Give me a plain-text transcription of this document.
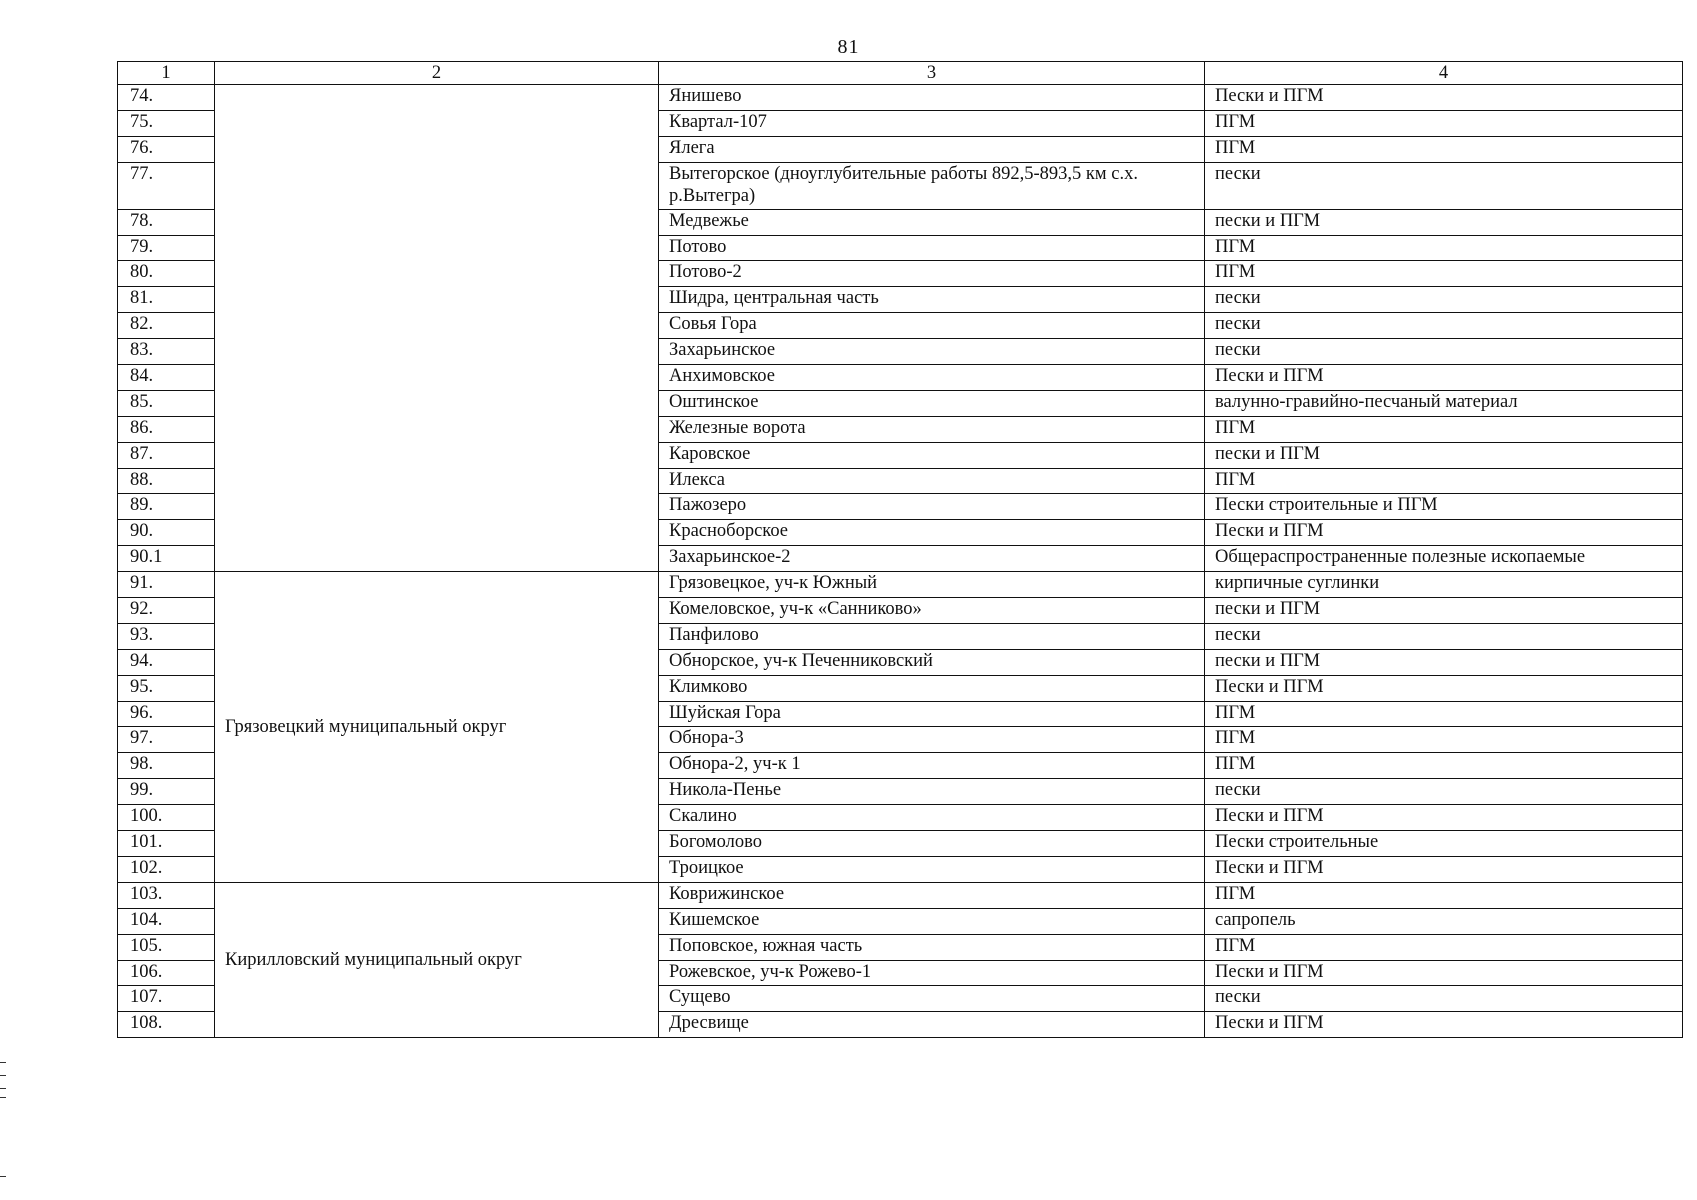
81
1	2	3	4
74.		Янишево	Пески и ПГМ
75.		Квартал-107	ПГМ
76.		Ялега	ПГМ
77.		Вытегорское (дноуглубительные работы 892,5-893,5 км с.х. р.Вытегра)	пески
78.		Медвежье	пески и ПГМ
79.		Потово	ПГМ
80.		Потово-2	ПГМ
81.		Шидра, центральная часть	пески
82.		Совья Гора	пески
83.		Захарьинское	пески
84.		Анхимовское	Пески и ПГМ
85.		Оштинское	валунно-гравийно-песчаный материал
86.		Железные ворота	ПГМ
87.		Каровское	пески и ПГМ
88.		Илекса	ПГМ
89.		Пажозеро	Пески строительные и ПГМ
90.		Красноборское	Пески и ПГМ
90.1		Захарьинское-2	Общераспространенные полезные ископаемые
91.	Грязовецкий муниципальный округ	Грязовецкое, уч-к Южный	кирпичные суглинки
92.		Комеловское, уч-к «Санниково»	пески и ПГМ
93.		Панфилово	пески
94.		Обнорское, уч-к Печенниковский	пески и ПГМ
95.		Климково	Пески и ПГМ
96.		Шуйская Гора	ПГМ
97.		Обнора-3	ПГМ
98.		Обнора-2, уч-к 1	ПГМ
99.		Никола-Пенье	пески
100.		Скалино	Пески и ПГМ
101.		Богомолово	Пески строительные
102.		Троицкое	Пески и ПГМ
103.	Кирилловский муниципальный округ	Коврижинское	ПГМ
104.		Кишемское	сапропель
105.		Поповское, южная часть	ПГМ
106.		Рожевское, уч-к Рожево-1	Пески и ПГМ
107.		Сущево	пески
108.		Дресвище	Пески и ПГМ
